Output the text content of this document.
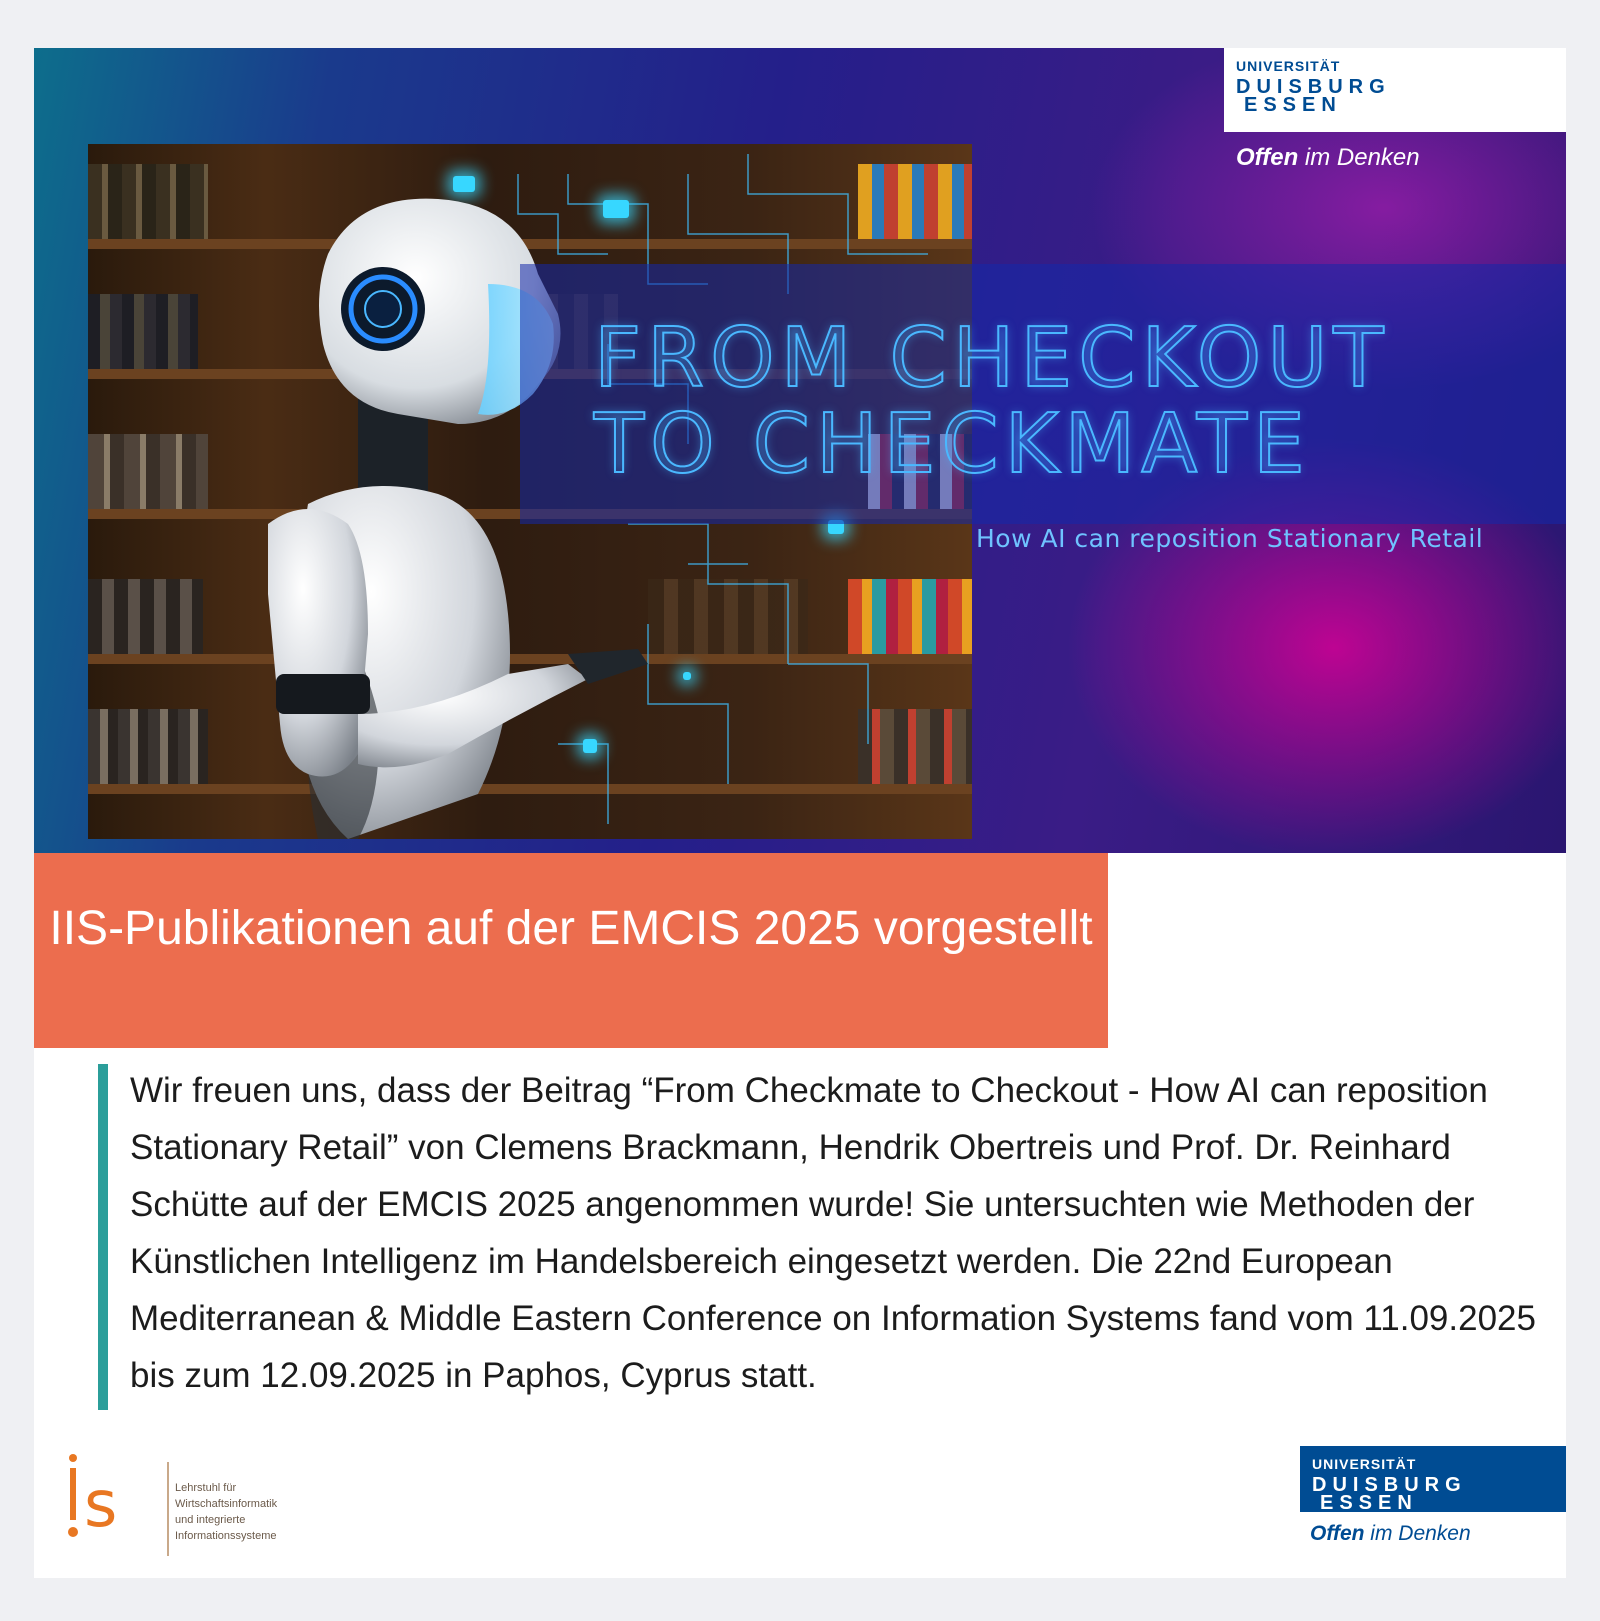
FROM CHECKOUT
TO CHECKMATE
How AI can reposition Stationary Retail
UNIVERSITÄT
DUISBURG
ESSEN
Offen im Denken
IIS-Publikationen auf der EMCIS 2025 vorgestellt

Wir freuen uns, dass der Beitrag “From Checkmate to Checkout - How AI can reposition Stationary Retail” von Clemens Brackmann, Hendrik Obertreis und Prof. Dr. Reinhard Schütte auf der EMCIS 2025 angenommen wurde! Sie untersuchten wie Methoden der Künstlichen Intelligenz im Handelsbereich eingesetzt werden. Die 22nd European Mediterranean & Middle Eastern Conference on Information Systems fand vom 11.09.2025 bis zum 12.09.2025 in Paphos, Cyprus statt.

s	Lehrstuhl für
Wirtschaftsinformatik
und integrierte
Informationssysteme
UNIVERSITÄT
DUISBURG
ESSEN
Offen im Denken
